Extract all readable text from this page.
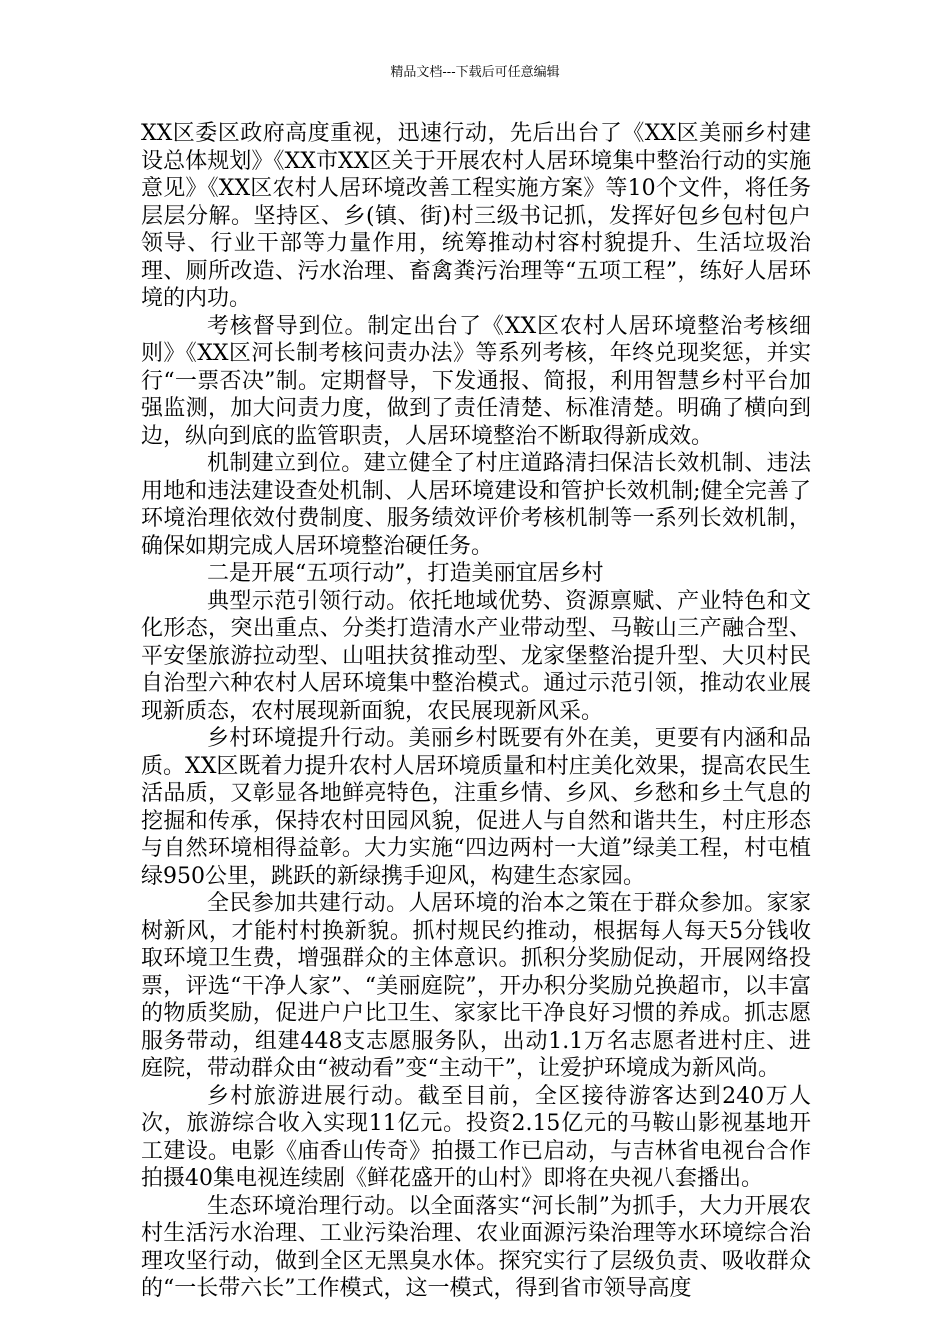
精品文档---下载后可任意编辑

XX区委区政府高度重视，迅速行动，先后出台了《XX区美丽乡村建设总体规划》《XX市XX区关于开展农村人居环境集中整治行动的实施意见》《XX区农村人居环境改善工程实施方案》等10个文件，将任务层层分解。坚持区、乡(镇、街)村三级书记抓，发挥好包乡包村包户领导、行业干部等力量作用，统筹推动村容村貌提升、生活垃圾治理、厕所改造、污水治理、畜禽粪污治理等“五项工程”，练好人居环境的内功。

考核督导到位。制定出台了《XX区农村人居环境整治考核细则》《XX区河长制考核问责办法》等系列考核，年终兑现奖惩，并实行“一票否决”制。定期督导，下发通报、简报，利用智慧乡村平台加强监测，加大问责力度，做到了责任清楚、标准清楚。明确了横向到边，纵向到底的监管职责，人居环境整治不断取得新成效。

机制建立到位。建立健全了村庄道路清扫保洁长效机制、违法用地和违法建设查处机制、人居环境建设和管护长效机制;健全完善了环境治理依效付费制度、服务绩效评价考核机制等一系列长效机制，确保如期完成人居环境整治硬任务。

二是开展“五项行动”，打造美丽宜居乡村

典型示范引领行动。依托地域优势、资源禀赋、产业特色和文化形态，突出重点、分类打造清水产业带动型、马鞍山三产融合型、平安堡旅游拉动型、山咀扶贫推动型、龙家堡整治提升型、大贝村民自治型六种农村人居环境集中整治模式。通过示范引领，推动农业展现新质态，农村展现新面貌，农民展现新风采。

乡村环境提升行动。美丽乡村既要有外在美，更要有内涵和品质。XX区既着力提升农村人居环境质量和村庄美化效果，提高农民生活品质，又彰显各地鲜亮特色，注重乡情、乡风、乡愁和乡土气息的挖掘和传承，保持农村田园风貌，促进人与自然和谐共生，村庄形态与自然环境相得益彰。大力实施“四边两村一大道”绿美工程，村屯植绿950公里，跳跃的新绿携手迎风，构建生态家园。

全民参加共建行动。人居环境的治本之策在于群众参加。家家树新风，才能村村换新貌。抓村规民约推动，根据每人每天5分钱收取环境卫生费，增强群众的主体意识。抓积分奖励促动，开展网络投票，评选“干净人家”、“美丽庭院”，开办积分奖励兑换超市，以丰富的物质奖励，促进户户比卫生、家家比干净良好习惯的养成。抓志愿服务带动，组建448支志愿服务队，出动1.1万名志愿者进村庄、进庭院，带动群众由“被动看”变“主动干”，让爱护环境成为新风尚。

乡村旅游进展行动。截至目前，全区接待游客达到240万人次，旅游综合收入实现11亿元。投资2.15亿元的马鞍山影视基地开工建设。电影《庙香山传奇》拍摄工作已启动，与吉林省电视台合作拍摄40集电视连续剧《鲜花盛开的山村》即将在央视八套播出。

生态环境治理行动。以全面落实“河长制”为抓手，大力开展农村生活污水治理、工业污染治理、农业面源污染治理等水环境综合治理攻坚行动，做到全区无黑臭水体。探究实行了层级负责、吸收群众的“一长带六长”工作模式，这一模式，得到省市领导高度
